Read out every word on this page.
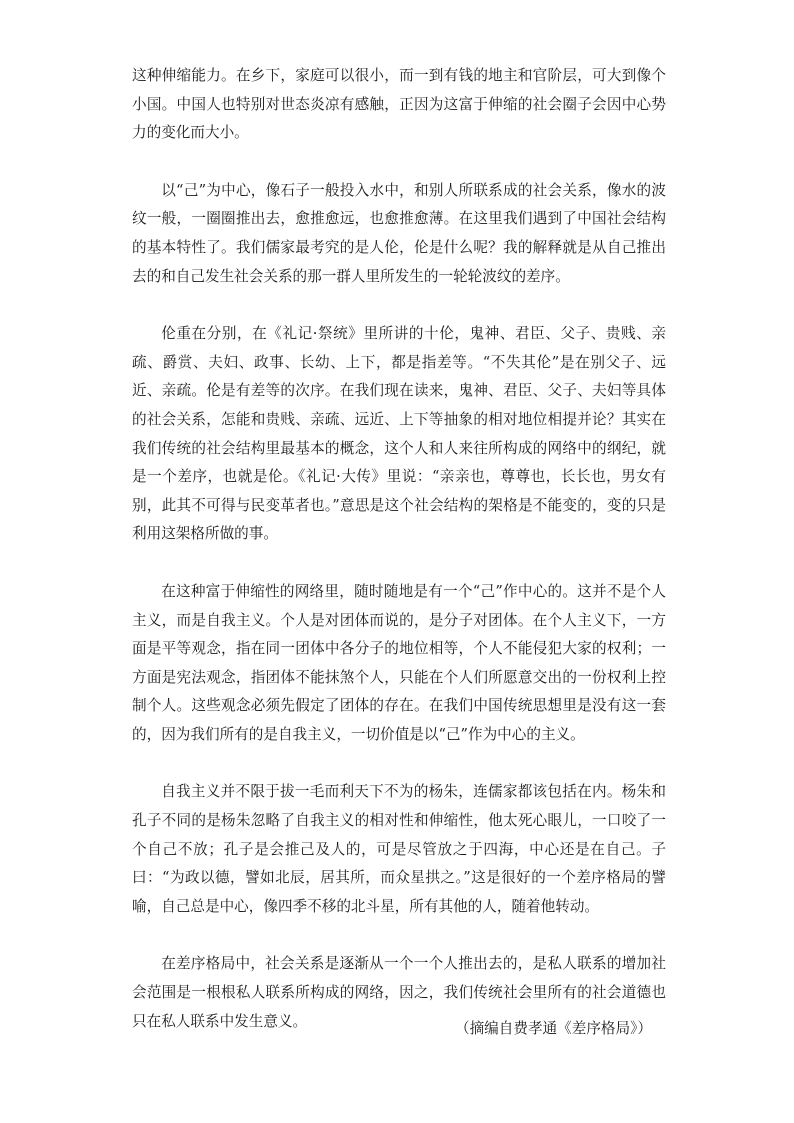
这种伸缩能力。在乡下，家庭可以很小，而一到有钱的地主和官阶层，可大到像个小国。中国人也特别对世态炎凉有感触，正因为这富于伸缩的社会圈子会因中心势力的变化而大小。

以“己”为中心，像石子一般投入水中，和别人所联系成的社会关系，像水的波纹一般，一圈圈推出去，愈推愈远，也愈推愈薄。在这里我们遇到了中国社会结构的基本特性了。我们儒家最考究的是人伦，伦是什么呢？我的解释就是从自己推出去的和自己发生社会关系的那一群人里所发生的一轮轮波纹的差序。

伦重在分别，在《礼记·祭统》里所讲的十伦，鬼神、君臣、父子、贵贱、亲疏、爵赏、夫妇、政事、长幼、上下，都是指差等。“不失其伦”是在别父子、远近、亲疏。伦是有差等的次序。在我们现在读来，鬼神、君臣、父子、夫妇等具体的社会关系，怎能和贵贱、亲疏、远近、上下等抽象的相对地位相提并论？其实在我们传统的社会结构里最基本的概念，这个人和人来往所构成的网络中的纲纪，就是一个差序，也就是伦。《礼记·大传》里说：“亲亲也，尊尊也，长长也，男女有别，此其不可得与民变革者也。”意思是这个社会结构的架格是不能变的，变的只是利用这架格所做的事。

在这种富于伸缩性的网络里，随时随地是有一个“己”作中心的。这并不是个人主义，而是自我主义。个人是对团体而说的，是分子对团体。在个人主义下，一方面是平等观念，指在同一团体中各分子的地位相等，个人不能侵犯大家的权利；一方面是宪法观念，指团体不能抹煞个人，只能在个人们所愿意交出的一份权利上控制个人。这些观念必须先假定了团体的存在。在我们中国传统思想里是没有这一套的，因为我们所有的是自我主义，一切价值是以“己”作为中心的主义。

自我主义并不限于拔一毛而利天下不为的杨朱，连儒家都该包括在内。杨朱和孔子不同的是杨朱忽略了自我主义的相对性和伸缩性，他太死心眼儿，一口咬了一个自己不放；孔子是会推己及人的，可是尽管放之于四海，中心还是在自己。子曰：“为政以德，譬如北辰，居其所，而众星拱之。”这是很好的一个差序格局的譬喻，自己总是中心，像四季不移的北斗星，所有其他的人，随着他转动。

在差序格局中，社会关系是逐渐从一个一个人推出去的，是私人联系的增加社会范围是一根根私人联系所构成的网络，因之，我们传统社会里所有的社会道德也只在私人联系中发生意义。	（摘编自费孝通《差序格局》）
